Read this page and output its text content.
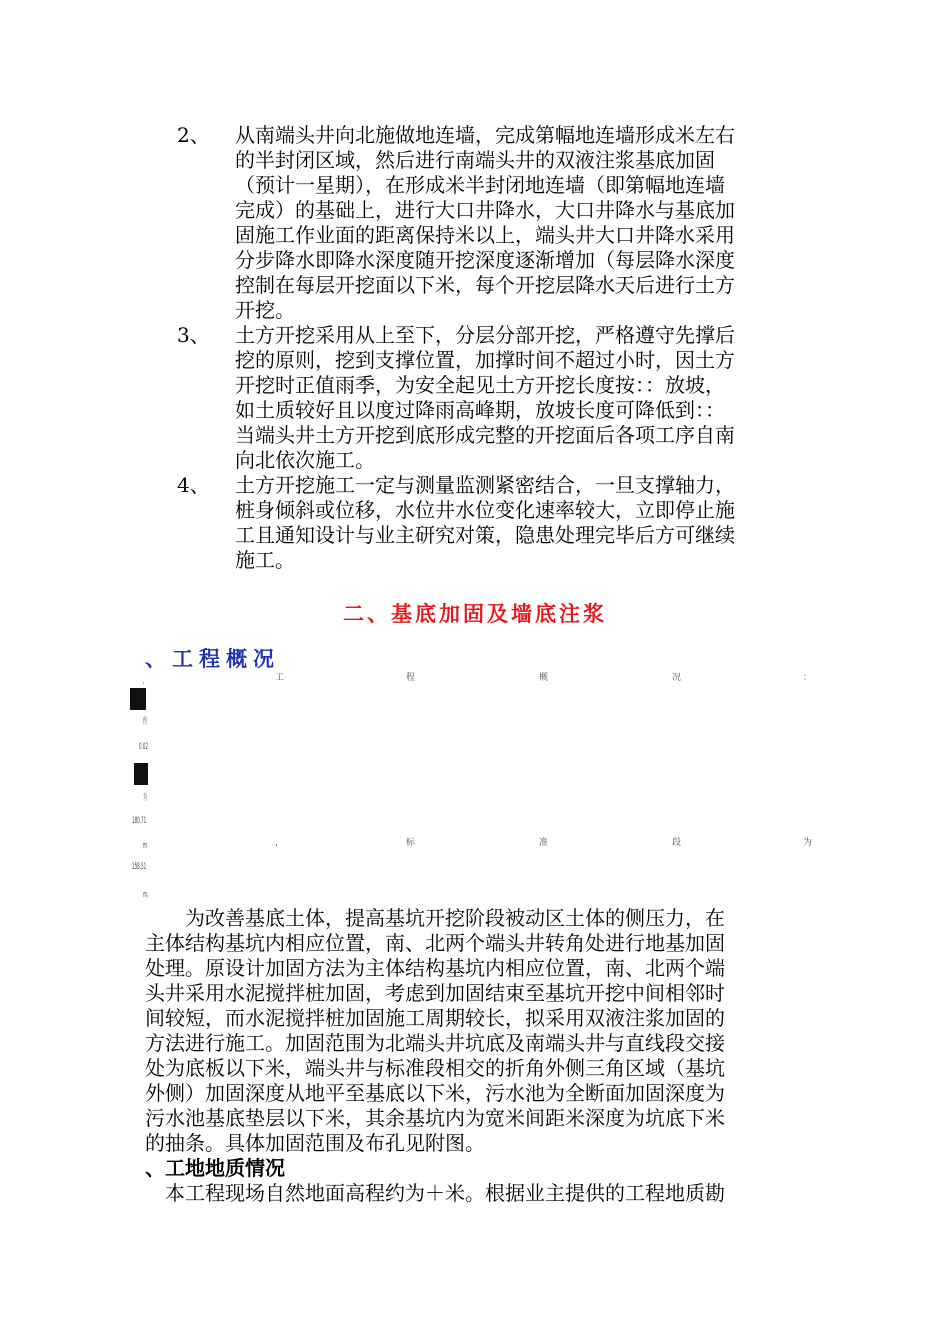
2、 从南端头井向北施做地连墙，完成第幅地连墙形成米左右
的半封闭区域，然后进行南端头井的双液注浆基底加固
（预计一星期），在形成米半封闭地连墙（即第幅地连墙
完成）的基础上，进行大口井降水，大口井降水与基底加
固施工作业面的距离保持米以上，端头井大口井降水采用
分步降水即降水深度随开挖深度逐渐增加（每层降水深度
控制在每层开挖面以下米，每个开挖层降水天后进行土方
开挖。
3、 土方开挖采用从上至下，分层分部开挖，严格遵守先撑后
挖的原则，挖到支撑位置，加撑时间不超过小时，因土方
开挖时正值雨季，为安全起见土方开挖长度按：：放坡，
如土质较好且以度过降雨高峰期，放坡长度可降低到：：
当端头井土方开挖到底形成完整的开挖面后各项工序自南
向北依次施工。
4、 土方开挖施工一定与测量监测紧密结合，一旦支撑轴力，
桩身倾斜或位移，水位井水位变化速率较大，立即停止施
工且通知设计与业主研究对策，隐患处理完毕后方可继续
施工。
二、基底加固及墙底注浆
、工程概况
工	程	概	况	：
，	标	准	段	为
，
约
0.02
为
180.71
m
158.51
m。
为改善基底土体，提高基坑开挖阶段被动区土体的侧压力，在
主体结构基坑内相应位置，南、北两个端头井转角处进行地基加固
处理。原设计加固方法为主体结构基坑内相应位置，南、北两个端
头井采用水泥搅拌桩加固，考虑到加固结束至基坑开挖中间相邻时
间较短，而水泥搅拌桩加固施工周期较长，拟采用双液注浆加固的
方法进行施工。加固范围为北端头井坑底及南端头井与直线段交接
处为底板以下米，端头井与标准段相交的折角外侧三角区域（基坑
外侧）加固深度从地平至基底以下米，污水池为全断面加固深度为
污水池基底垫层以下米，其余基坑内为宽米间距米深度为坑底下米
的抽条。具体加固范围及布孔见附图。
、工地地质情况
本工程现场自然地面高程约为＋米。根据业主提供的工程地质勘
